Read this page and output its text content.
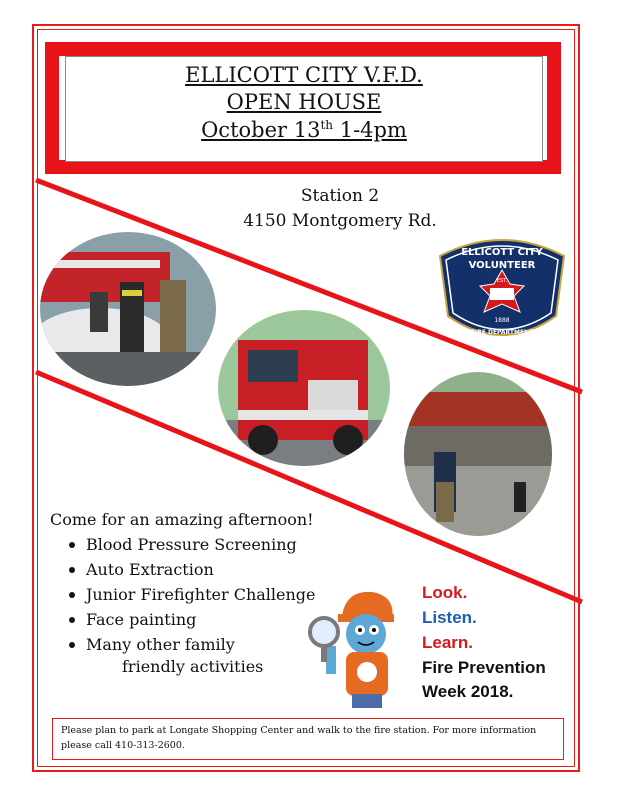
ELLICOTT CITY V.F.D.
OPEN HOUSE
October 13th 1-4pm
Station 2
4150 Montgomery Rd.
ELLICOTT CITY
VOLUNTEER
EST.
1888
FIRE DEPARTMENT
Come for an amazing afternoon!
Blood Pressure Screening
Auto Extraction
Junior Firefighter Challenge
Face painting
Many other family
friendly activities
Look.
Listen.
Learn.
Fire Prevention
Week 2018.
Please plan to park at Longate Shopping Center and walk to the fire station. For more information please call 410-313-2600.
